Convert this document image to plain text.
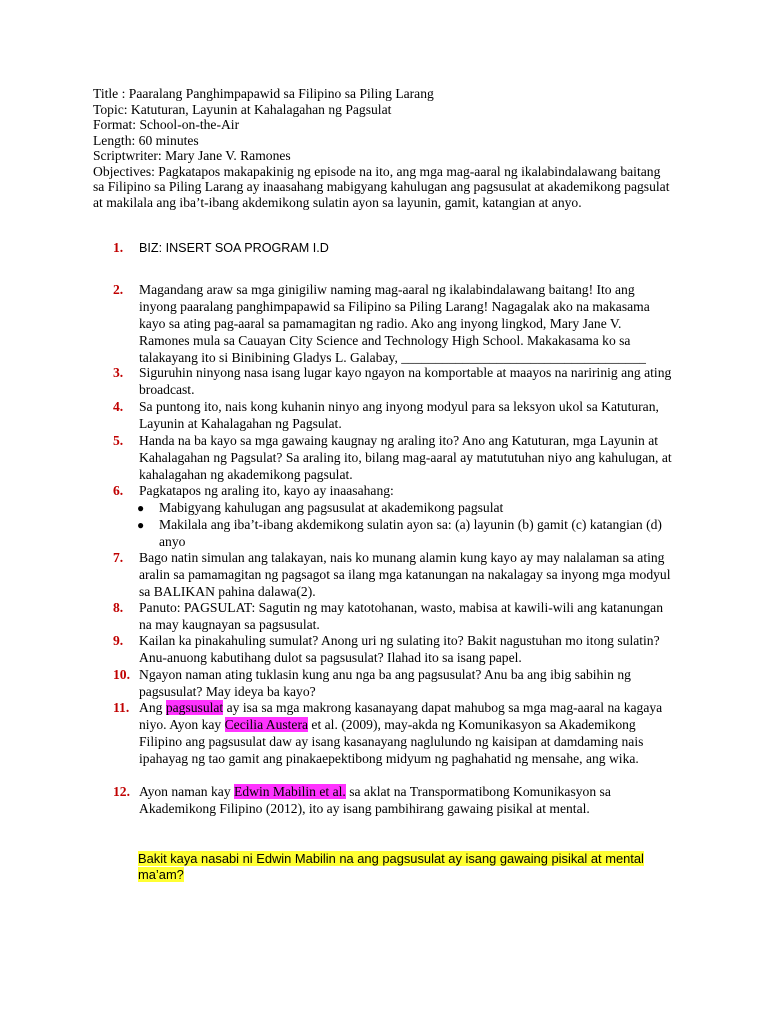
Title : Paaralang Panghimpapawid sa Filipino sa Piling Larang
Topic: Katuturan, Layunin at Kahalagahan ng Pagsulat
Format: School-on-the-Air
Length: 60 minutes
Scriptwriter: Mary Jane V. Ramones
Objectives: Pagkatapos makapakinig ng episode na ito, ang mga mag-aaral ng ikalabindalawang baitang sa Filipino sa Piling Larang ay inaasahang mabigyang kahulugan ang pagsusulat at akademikong pagsulat at makilala ang iba’t-ibang akdemikong sulatin ayon sa layunin, gamit, katangian at anyo.
1. BIZ: INSERT SOA PROGRAM I.D
2. Magandang araw sa mga ginigiliw naming mag-aaral ng ikalabindalawang baitang! Ito ang inyong paaralang panghimpapawid sa Filipino sa Piling Larang! Nagagalak ako na makasama kayo sa ating pag-aaral sa pamamagitan ng radio. Ako ang inyong lingkod, Mary Jane V. Ramones mula sa Cauayan City Science and Technology High School. Makakasama ko sa talakayang ito si Binibining Gladys L. Galabay, ____________________________________
3. Siguruhin ninyong nasa isang lugar kayo ngayon na komportable at maayos na naririnig ang ating broadcast.
4. Sa puntong ito, nais kong kuhanin ninyo ang inyong modyul para sa leksyon ukol sa Katuturan, Layunin at Kahalagahan ng Pagsulat.
5. Handa na ba kayo sa mga gawaing kaugnay ng araling ito? Ano ang Katuturan, mga Layunin at Kahalagahan ng Pagsulat? Sa araling ito, bilang mag-aaral ay matututuhan niyo ang kahulugan, at kahalagahan ng akademikong pagsulat.
6. Pagkatapos ng araling ito, kayo ay inaasahang:
● Mabigyang kahulugan ang pagsusulat at akademikong pagsulat
● Makilala ang iba’t-ibang akdemikong sulatin ayon sa: (a) layunin (b) gamit (c) katangian (d) anyo
7. Bago natin simulan ang talakayan, nais ko munang alamin kung kayo ay may nalalaman sa ating aralin sa pamamagitan ng pagsagot sa ilang mga katanungan na nakalagay sa inyong mga modyul sa BALIKAN pahina dalawa(2).
8. Panuto: PAGSULAT: Sagutin ng may katotohanan, wasto, mabisa at kawili-wili ang katanungan na may kaugnayan sa pagsusulat.
9. Kailan ka pinakahuling sumulat? Anong uri ng sulating ito? Bakit nagustuhan mo itong sulatin? Anu-anuong kabutihang dulot sa pagsusulat? Ilahad ito sa isang papel.
10. Ngayon naman ating tuklasin kung anu nga ba ang pagsusulat? Anu ba ang ibig sabihin ng pagsusulat? May ideya ba kayo?
11. Ang pagsusulat ay isa sa mga makrong kasanayang dapat mahubog sa mga mag-aaral na kagaya niyo. Ayon kay Cecilia Austera et al. (2009), may-akda ng Komunikasyon sa Akademikong Filipino ang pagsusulat daw ay isang kasanayang naglulundo ng kaisipan at damdaming nais ipahayag ng tao gamit ang pinakaepektibong midyum ng paghahatid ng mensahe, ang wika.
12. Ayon naman kay Edwin Mabilin et al. sa aklat na Transpormatibong Komunikasyon sa Akademikong Filipino (2012), ito ay isang pambihirang gawaing pisikal at mental.
Bakit kaya nasabi ni Edwin Mabilin na ang pagsusulat ay isang gawaing pisikal at mental ma’am?
